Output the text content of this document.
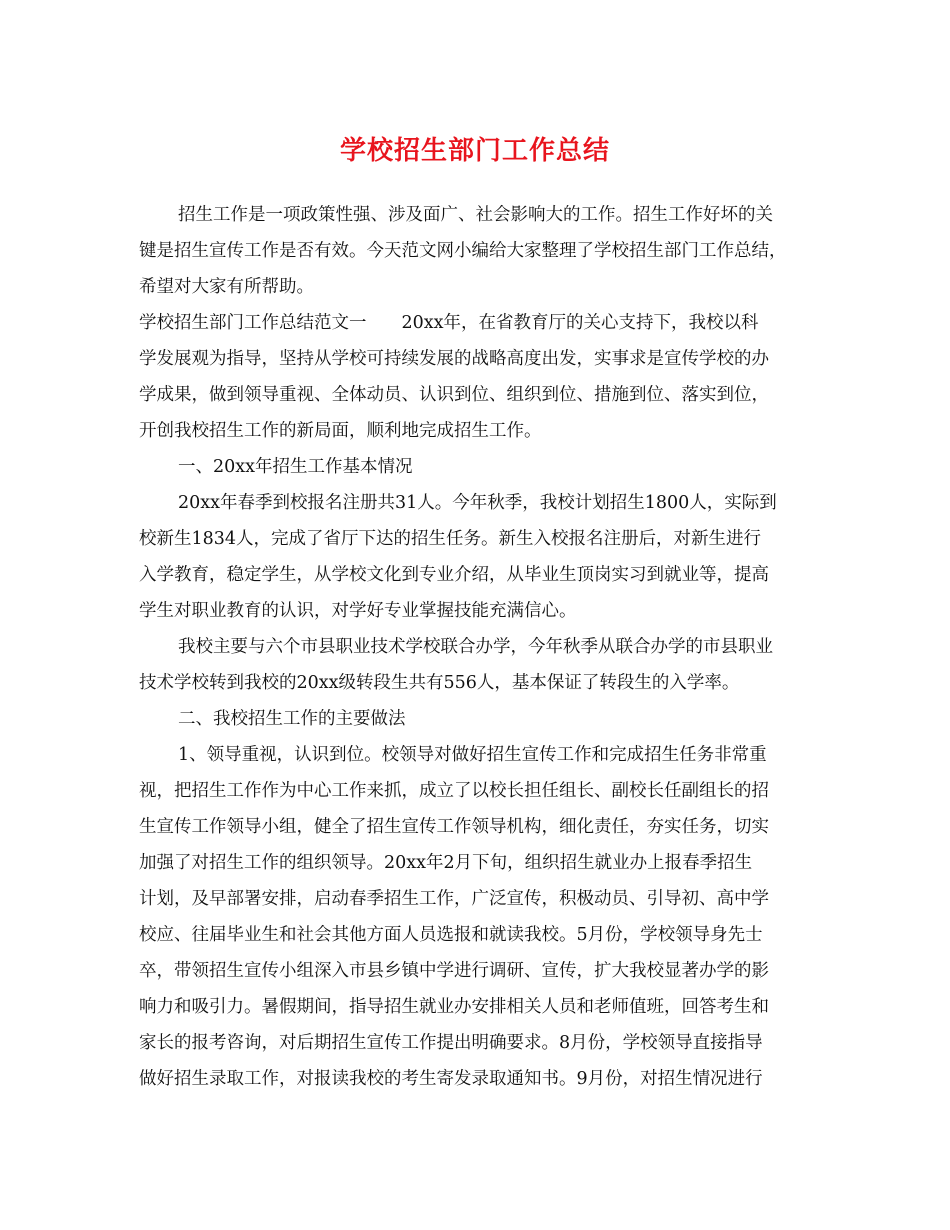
学校招生部门工作总结
招生工作是一项政策性强、涉及面广、社会影响大的工作。招生工作好坏的关
键是招生宣传工作是否有效。今天范文网小编给大家整理了学校招生部门工作总结，
希望对大家有所帮助。
学校招生部门工作总结范文一　　20xx年，在省教育厅的关心支持下，我校以科
学发展观为指导，坚持从学校可持续发展的战略高度出发，实事求是宣传学校的办
学成果，做到领导重视、全体动员、认识到位、组织到位、措施到位、落实到位，
开创我校招生工作的新局面，顺利地完成招生工作。
一、20xx年招生工作基本情况
20xx年春季到校报名注册共31人。今年秋季，我校计划招生1800人，实际到
校新生1834人，完成了省厅下达的招生任务。新生入校报名注册后，对新生进行
入学教育，稳定学生，从学校文化到专业介绍，从毕业生顶岗实习到就业等，提高
学生对职业教育的认识，对学好专业掌握技能充满信心。
我校主要与六个市县职业技术学校联合办学，今年秋季从联合办学的市县职业
技术学校转到我校的20xx级转段生共有556人，基本保证了转段生的入学率。
二、我校招生工作的主要做法
1、领导重视，认识到位。校领导对做好招生宣传工作和完成招生任务非常重
视，把招生工作作为中心工作来抓，成立了以校长担任组长、副校长任副组长的招
生宣传工作领导小组，健全了招生宣传工作领导机构，细化责任，夯实任务，切实
加强了对招生工作的组织领导。20xx年2月下旬，组织招生就业办上报春季招生
计划，及早部署安排，启动春季招生工作，广泛宣传，积极动员、引导初、高中学
校应、往届毕业生和社会其他方面人员选报和就读我校。5月份，学校领导身先士
卒，带领招生宣传小组深入市县乡镇中学进行调研、宣传，扩大我校显著办学的影
响力和吸引力。暑假期间，指导招生就业办安排相关人员和老师值班，回答考生和
家长的报考咨询，对后期招生宣传工作提出明确要求。8月份，学校领导直接指导
做好招生录取工作，对报读我校的考生寄发录取通知书。9月份，对招生情况进行
